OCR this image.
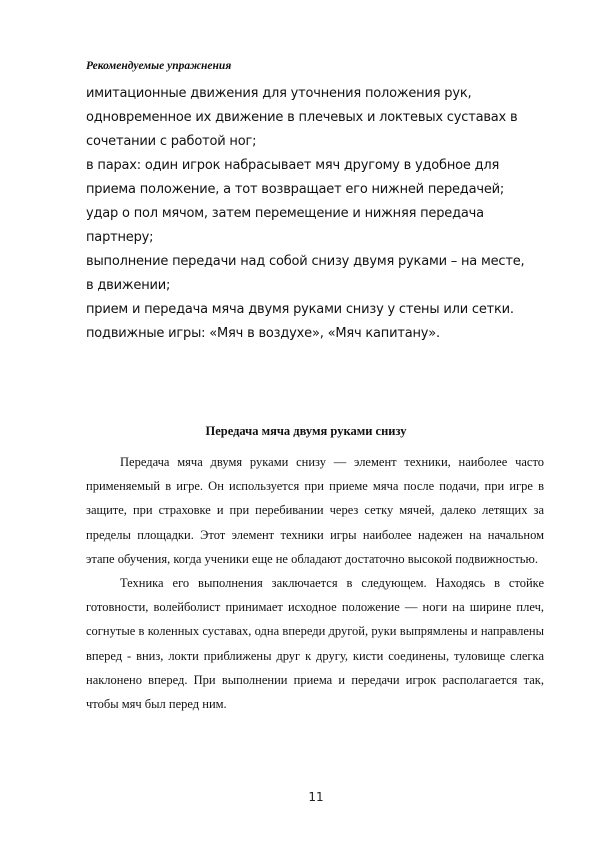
Рекомендуемые упражнения

имитационные движения для уточнения положения рук, одновременное их движение в плечевых и локтевых суставах в сочетании с работой ног;
в парах: один игрок набрасывает мяч другому в удобное для приема положение, а тот возвращает его нижней передачей;
удар о пол мячом, затем перемещение и нижняя передача партнеру;
выполнение передачи над собой снизу двумя руками – на месте, в движении;
прием и передача мяча двумя руками снизу у стены или сетки.
подвижные игры: «Мяч в воздухе», «Мяч капитану».
Передача мяча двумя руками снизу

Передача мяча двумя руками снизу — элемент техники, наиболее часто применяемый в игре. Он используется при приеме мяча после подачи, при игре в защите, при страховке и при перебивании через сетку мячей, далеко летящих за пределы площадки. Этот элемент техники игры наиболее надежен на начальном этапе обучения, когда ученики еще не обладают достаточно высокой подвижностью.

Техника его выполнения заключается в следующем. Находясь в стойке готовности, волейболист принимает исходное положение — ноги на ширине плеч, согнутые в коленных суставах, одна впереди другой, руки выпрямлены и направлены вперед - вниз, локти приближены друг к другу, кисти соединены, туловище слегка наклонено вперед. При выполнении приема и передачи игрок располагается так, чтобы мяч был перед ним.

11
